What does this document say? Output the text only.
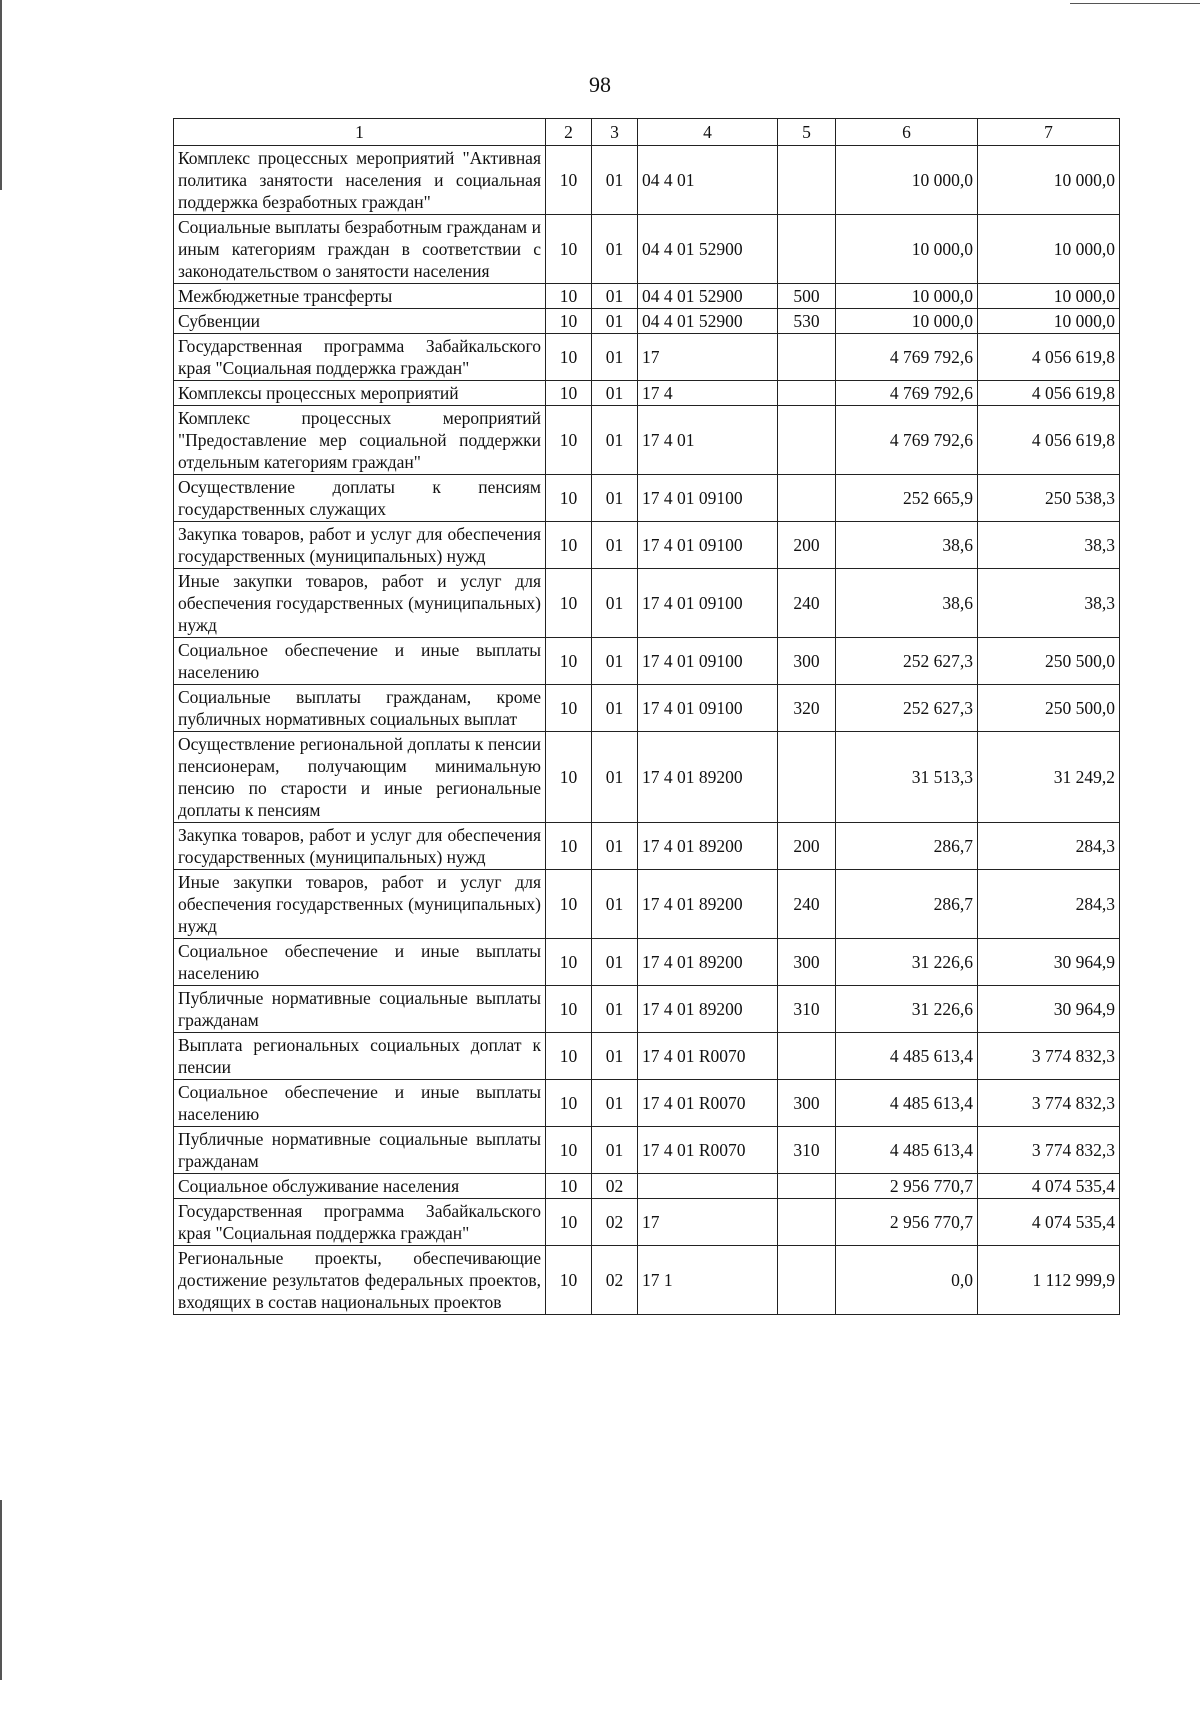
98
1	2	3	4	5	6	7
Комплекс процессных мероприятий "Активная политика занятости населения и социальная поддержка безработных граждан"	10	01	04 4 01		10 000,0	10 000,0
Социальные выплаты безработным гражданам и иным категориям граждан в соответствии с законодательством о занятости населения	10	01	04 4 01 52900		10 000,0	10 000,0
Межбюджетные трансферты	10	01	04 4 01 52900	500	10 000,0	10 000,0
Субвенции	10	01	04 4 01 52900	530	10 000,0	10 000,0
Государственная программа Забайкальского края "Социальная поддержка граждан"	10	01	17		4 769 792,6	4 056 619,8
Комплексы процессных мероприятий	10	01	17 4		4 769 792,6	4 056 619,8
Комплекс процессных мероприятий "Предоставление мер социальной поддержки отдельным категориям граждан"	10	01	17 4 01		4 769 792,6	4 056 619,8
Осуществление доплаты к пенсиям государственных служащих	10	01	17 4 01 09100		252 665,9	250 538,3
Закупка товаров, работ и услуг для обеспечения государственных (муниципальных) нужд	10	01	17 4 01 09100	200	38,6	38,3
Иные закупки товаров, работ и услуг для обеспечения государственных (муниципальных) нужд	10	01	17 4 01 09100	240	38,6	38,3
Социальное обеспечение и иные выплаты населению	10	01	17 4 01 09100	300	252 627,3	250 500,0
Социальные выплаты гражданам, кроме публичных нормативных социальных выплат	10	01	17 4 01 09100	320	252 627,3	250 500,0
Осуществление региональной доплаты к пенсии пенсионерам, получающим минимальную пенсию по старости и иные региональные доплаты к пенсиям	10	01	17 4 01 89200		31 513,3	31 249,2
Закупка товаров, работ и услуг для обеспечения государственных (муниципальных) нужд	10	01	17 4 01 89200	200	286,7	284,3
Иные закупки товаров, работ и услуг для обеспечения государственных (муниципальных) нужд	10	01	17 4 01 89200	240	286,7	284,3
Социальное обеспечение и иные выплаты населению	10	01	17 4 01 89200	300	31 226,6	30 964,9
Публичные нормативные социальные выплаты гражданам	10	01	17 4 01 89200	310	31 226,6	30 964,9
Выплата региональных социальных доплат к пенсии	10	01	17 4 01 R0070		4 485 613,4	3 774 832,3
Социальное обеспечение и иные выплаты населению	10	01	17 4 01 R0070	300	4 485 613,4	3 774 832,3
Публичные нормативные социальные выплаты гражданам	10	01	17 4 01 R0070	310	4 485 613,4	3 774 832,3
Социальное обслуживание населения	10	02			2 956 770,7	4 074 535,4
Государственная программа Забайкальского края "Социальная поддержка граждан"	10	02	17		2 956 770,7	4 074 535,4
Региональные проекты, обеспечивающие достижение результатов федеральных проектов, входящих в состав национальных проектов	10	02	17 1		0,0	1 112 999,9
